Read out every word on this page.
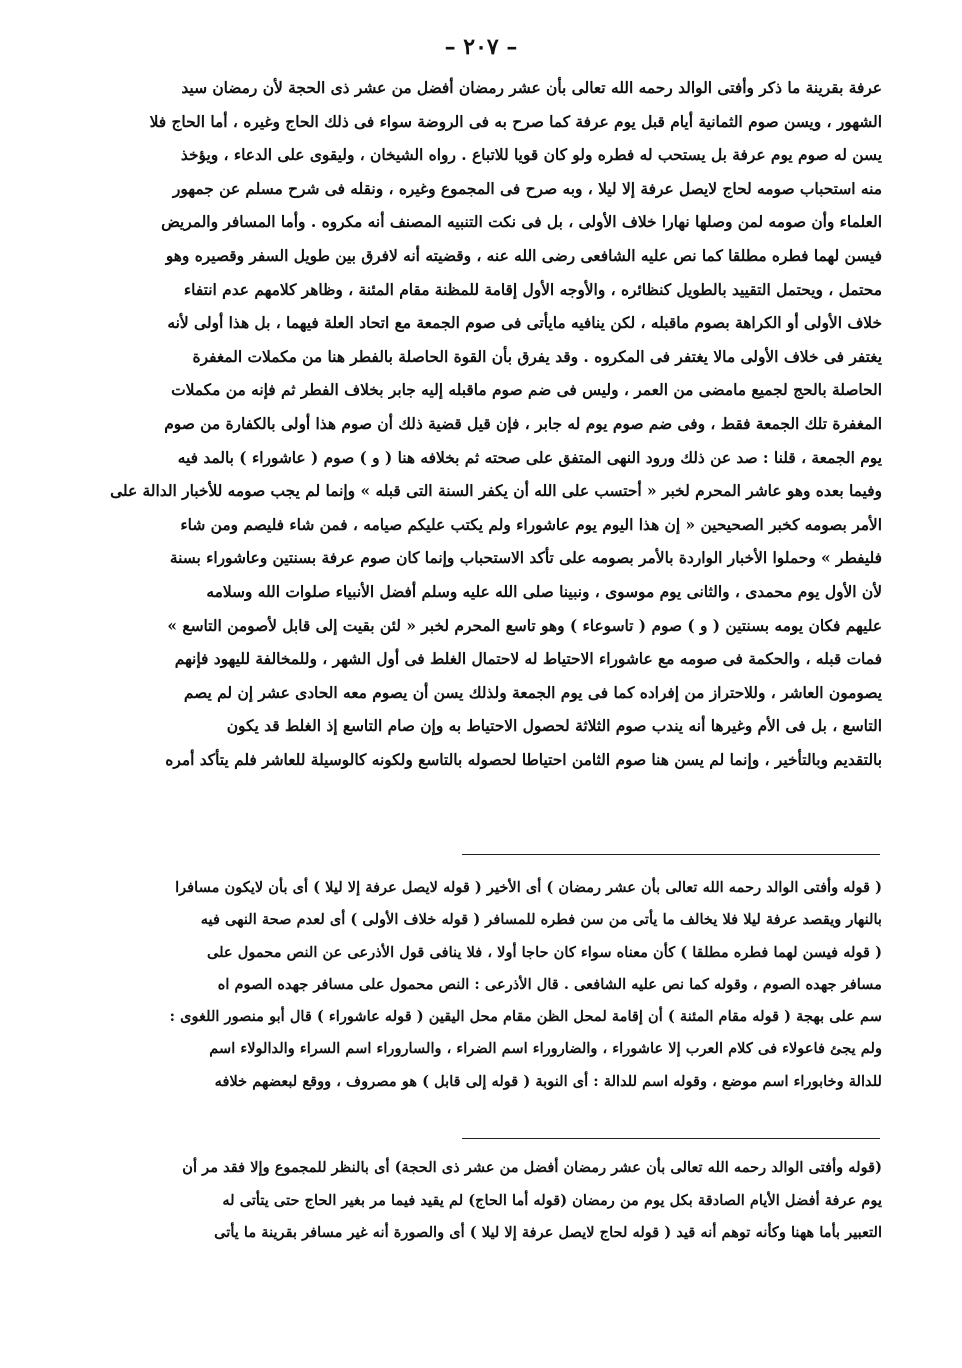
– ٢٠٧ –

عرفة بقرينة ما ذكر وأفتى الوالد رحمه الله تعالى بأن عشر رمضان أفضل من عشر ذى الحجة لأن رمضان سيد

الشهور ، ويسن صوم الثمانية أيام قبل يوم عرفة كما صرح به فى الروضة سواء فى ذلك الحاج وغيره ، أما الحاج فلا

يسن له صوم يوم عرفة بل يستحب له فطره ولو كان قويا للاتباع . رواه الشيخان ، وليقوى على الدعاء ، ويؤخذ

منه استحباب صومه لحاج لايصل عرفة إلا ليلا ، وبه صرح فى المجموع وغيره ، ونقله فى شرح مسلم عن جمهور

العلماء وأن صومه لمن وصلها نهارا خلاف الأولى ، بل فى نكت التنبيه المصنف أنه مكروه . وأما المسافر والمريض

فيسن لهما فطره مطلقا كما نص عليه الشافعى رضى الله عنه ، وقضيته أنه لافرق بين طويل السفر وقصيره وهو

محتمل ، ويحتمل التقييد بالطويل كنظائره ، والأوجه الأول إقامة للمظنة مقام المئنة ، وظاهر كلامهم عدم انتفاء

خلاف الأولى أو الكراهة بصوم ماقبله ، لكن ينافيه مايأتى فى صوم الجمعة مع اتحاد العلة فيهما ، بل هذا أولى لأنه

يغتفر فى خلاف الأولى مالا يغتفر فى المكروه . وقد يفرق بأن القوة الحاصلة بالفطر هنا من مكملات المغفرة

الحاصلة بالحج لجميع مامضى من العمر ، وليس فى ضم صوم ماقبله إليه جابر بخلاف الفطر ثم فإنه من مكملات

المغفرة تلك الجمعة فقط ، وفى ضم صوم يوم له جابر ، فإن قيل قضية ذلك أن صوم هذا أولى بالكفارة من صوم

يوم الجمعة ، قلنا : صد عن ذلك ورود النهى المتفق على صحته ثم بخلافه هنا ( و ) صوم ( عاشوراء ) بالمد فيه

وفيما بعده وهو عاشر المحرم لخبر « أحتسب على الله أن يكفر السنة التى قبله » وإنما لم يجب صومه للأخبار الدالة على

الأمر بصومه كخبر الصحيحين « إن هذا اليوم يوم عاشوراء ولم يكتب عليكم صيامه ، فمن شاء فليصم ومن شاء

فليفطر » وحملوا الأخبار الواردة بالأمر بصومه على تأكد الاستحباب وإنما كان صوم عرفة بسنتين وعاشوراء بسنة

لأن الأول يوم محمدى ، والثانى يوم موسوى ، ونبينا صلى الله عليه وسلم أفضل الأنبياء صلوات الله وسلامه

عليهم فكان يومه بسنتين ( و ) صوم ( تاسوعاء ) وهو تاسع المحرم لخبر « لئن بقيت إلى قابل لأصومن التاسع »

فمات قبله ، والحكمة فى صومه مع عاشوراء الاحتياط له لاحتمال الغلط فى أول الشهر ، وللمخالفة لليهود فإنهم

يصومون العاشر ، وللاحتراز من إفراده كما فى يوم الجمعة ولذلك يسن أن يصوم معه الحادى عشر إن لم يصم

التاسع ، بل فى الأم وغيرها أنه يندب صوم الثلاثة لحصول الاحتياط به وإن صام التاسع إذ الغلط قد يكون

بالتقديم وبالتأخير ، وإنما لم يسن هنا صوم الثامن احتياطا لحصوله بالتاسع ولكونه كالوسيلة للعاشر فلم يتأكد أمره

( قوله وأفتى الوالد رحمه الله تعالى بأن عشر رمضان ) أى الأخير ( قوله لايصل عرفة إلا ليلا ) أى بأن لايكون مسافرا

بالنهار ويقصد عرفة ليلا فلا يخالف ما يأتى من سن فطره للمسافر ( قوله خلاف الأولى ) أى لعدم صحة النهى فيه

( قوله فيسن لهما فطره مطلقا ) كأن معناه سواء كان حاجا أولا ، فلا ينافى قول الأذرعى عن النص محمول على

مسافر جهده الصوم ، وقوله كما نص عليه الشافعى . قال الأذرعى : النص محمول على مسافر جهده الصوم اه

سم على بهجة ( قوله مقام المئنة ) أن إقامة لمحل الظن مقام محل اليقين ( قوله عاشوراء ) قال أبو منصور اللغوى :

ولم يجئ فاعولاء فى كلام العرب إلا عاشوراء ، والضاروراء اسم الضراء ، والساروراء اسم السراء والدالولاء اسم

للدالة وخابوراء اسم موضع ، وقوله اسم للدالة : أى النوبة ( قوله إلى قابل ) هو مصروف ، ووقع لبعضهم خلافه

(قوله وأفتى الوالد رحمه الله تعالى بأن عشر رمضان أفضل من عشر ذى الحجة) أى بالنظر للمجموع وإلا فقد مر أن

يوم عرفة أفضل الأيام الصادقة بكل يوم من رمضان (قوله أما الحاج) لم يقيد فيما مر بغير الحاج حتى يتأتى له

التعبير بأما ههنا وكأنه توهم أنه قيد ( قوله لحاج لايصل عرفة إلا ليلا ) أى والصورة أنه غير مسافر بقرينة ما يأتى
